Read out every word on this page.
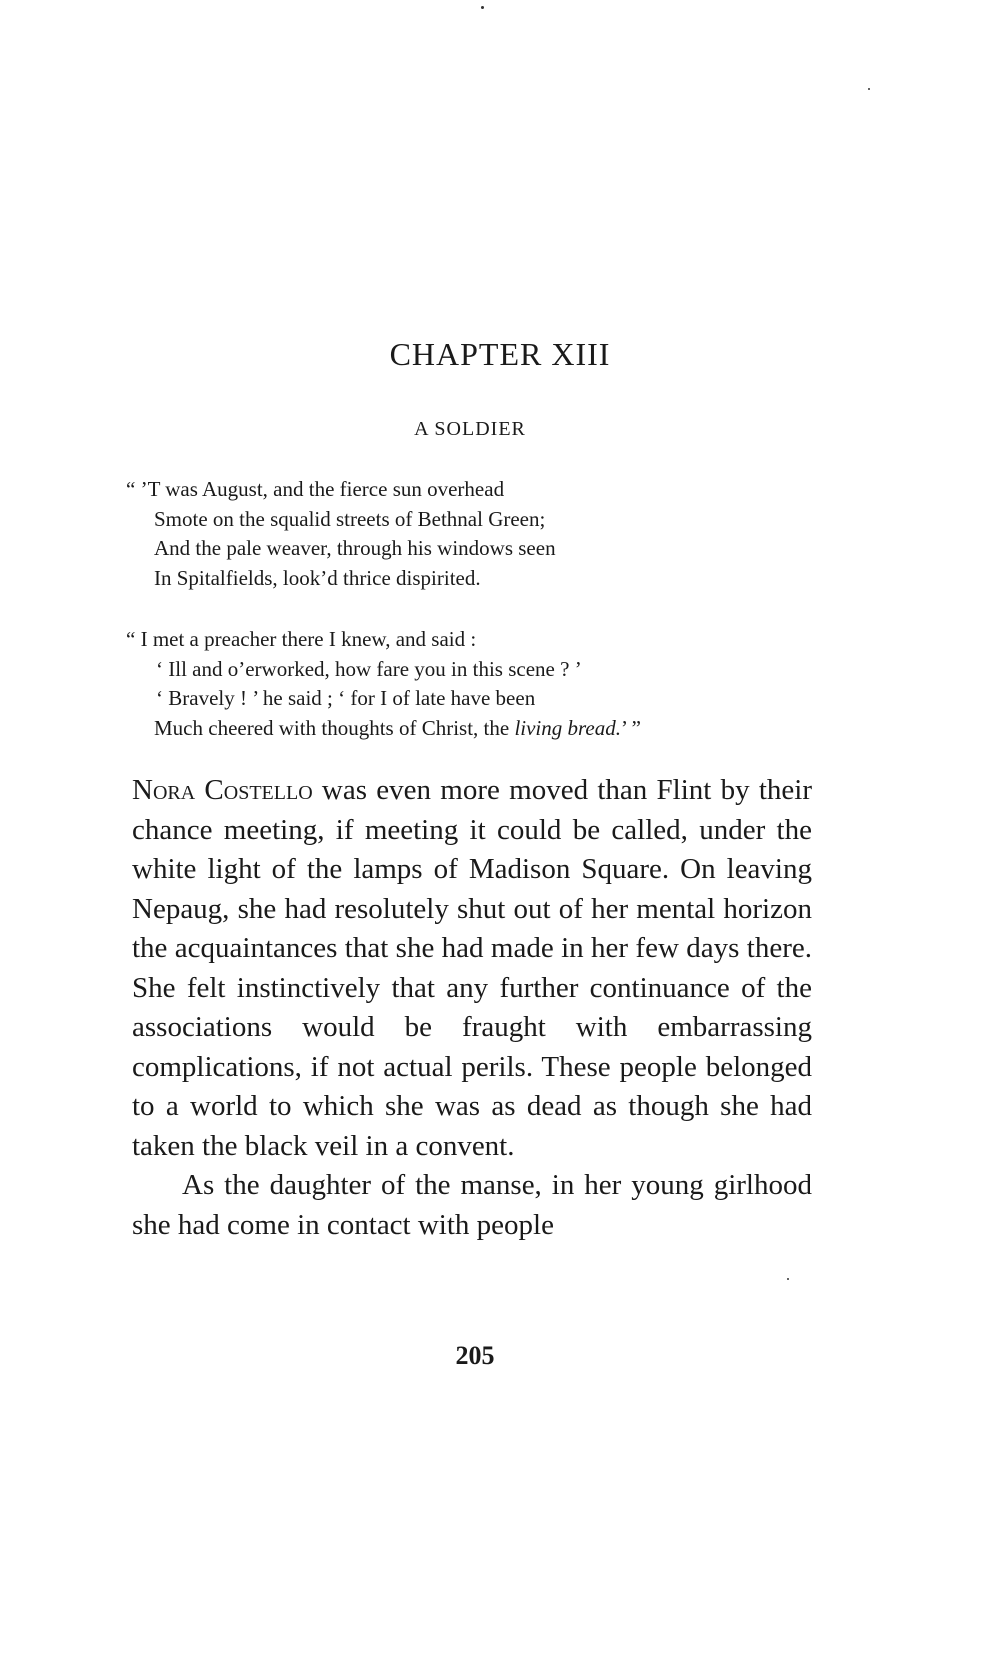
CHAPTER XIII
A SOLDIER
“ ’T was August, and the fierce sun overhead
Smote on the squalid streets of Bethnal Green;
And the pale weaver, through his windows seen
In Spitalfields, look’d thrice dispirited.
“ I met a preacher there I knew, and said :
‘ Ill and o’erworked, how fare you in this scene ? ’
‘ Bravely ! ’ he said ; ‘ for I of late have been
Much cheered with thoughts of Christ, the living bread.’ ”

Nora Costello was even more moved than Flint by their chance meeting, if meeting it could be called, under the white light of the lamps of Madison Square. On leaving Nepaug, she had resolutely shut out of her mental horizon the acquaintances that she had made in her few days there. She felt instinctively that any further continuance of the associations would be fraught with embarrassing complications, if not actual perils. These people belonged to a world to which she was as dead as though she had taken the black veil in a convent.

As the daughter of the manse, in her young girlhood she had come in contact with people

205
